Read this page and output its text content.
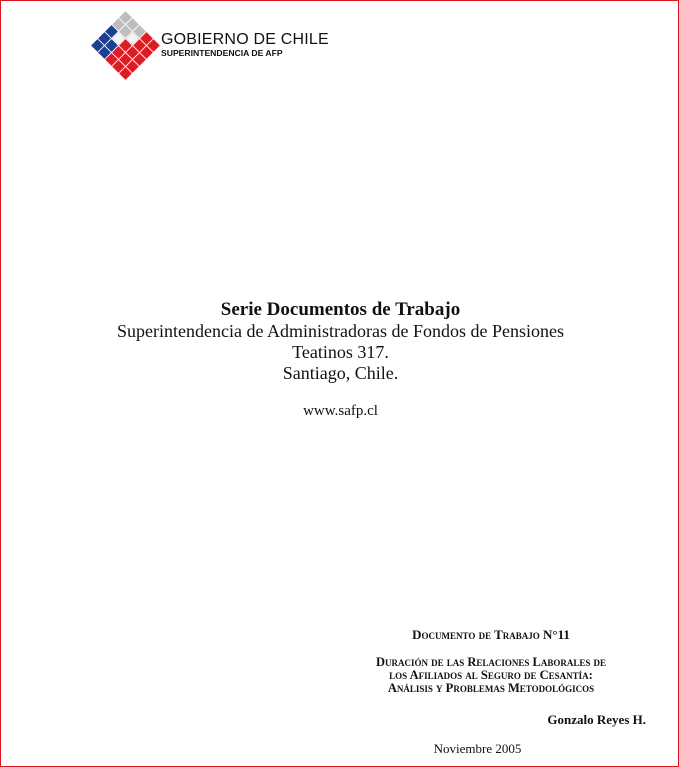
GOBIERNO DE CHILE
SUPERINTENDENCIA DE AFP
Serie Documentos de Trabajo
Superintendencia de Administradoras de Fondos de Pensiones
Teatinos 317.
Santiago, Chile.
www.safp.cl
Documento de Trabajo N°11
Duración de las Relaciones Laborales de
los Afiliados al Seguro de Cesantía:
Análisis y Problemas Metodológicos
Gonzalo Reyes H.
Noviembre 2005
